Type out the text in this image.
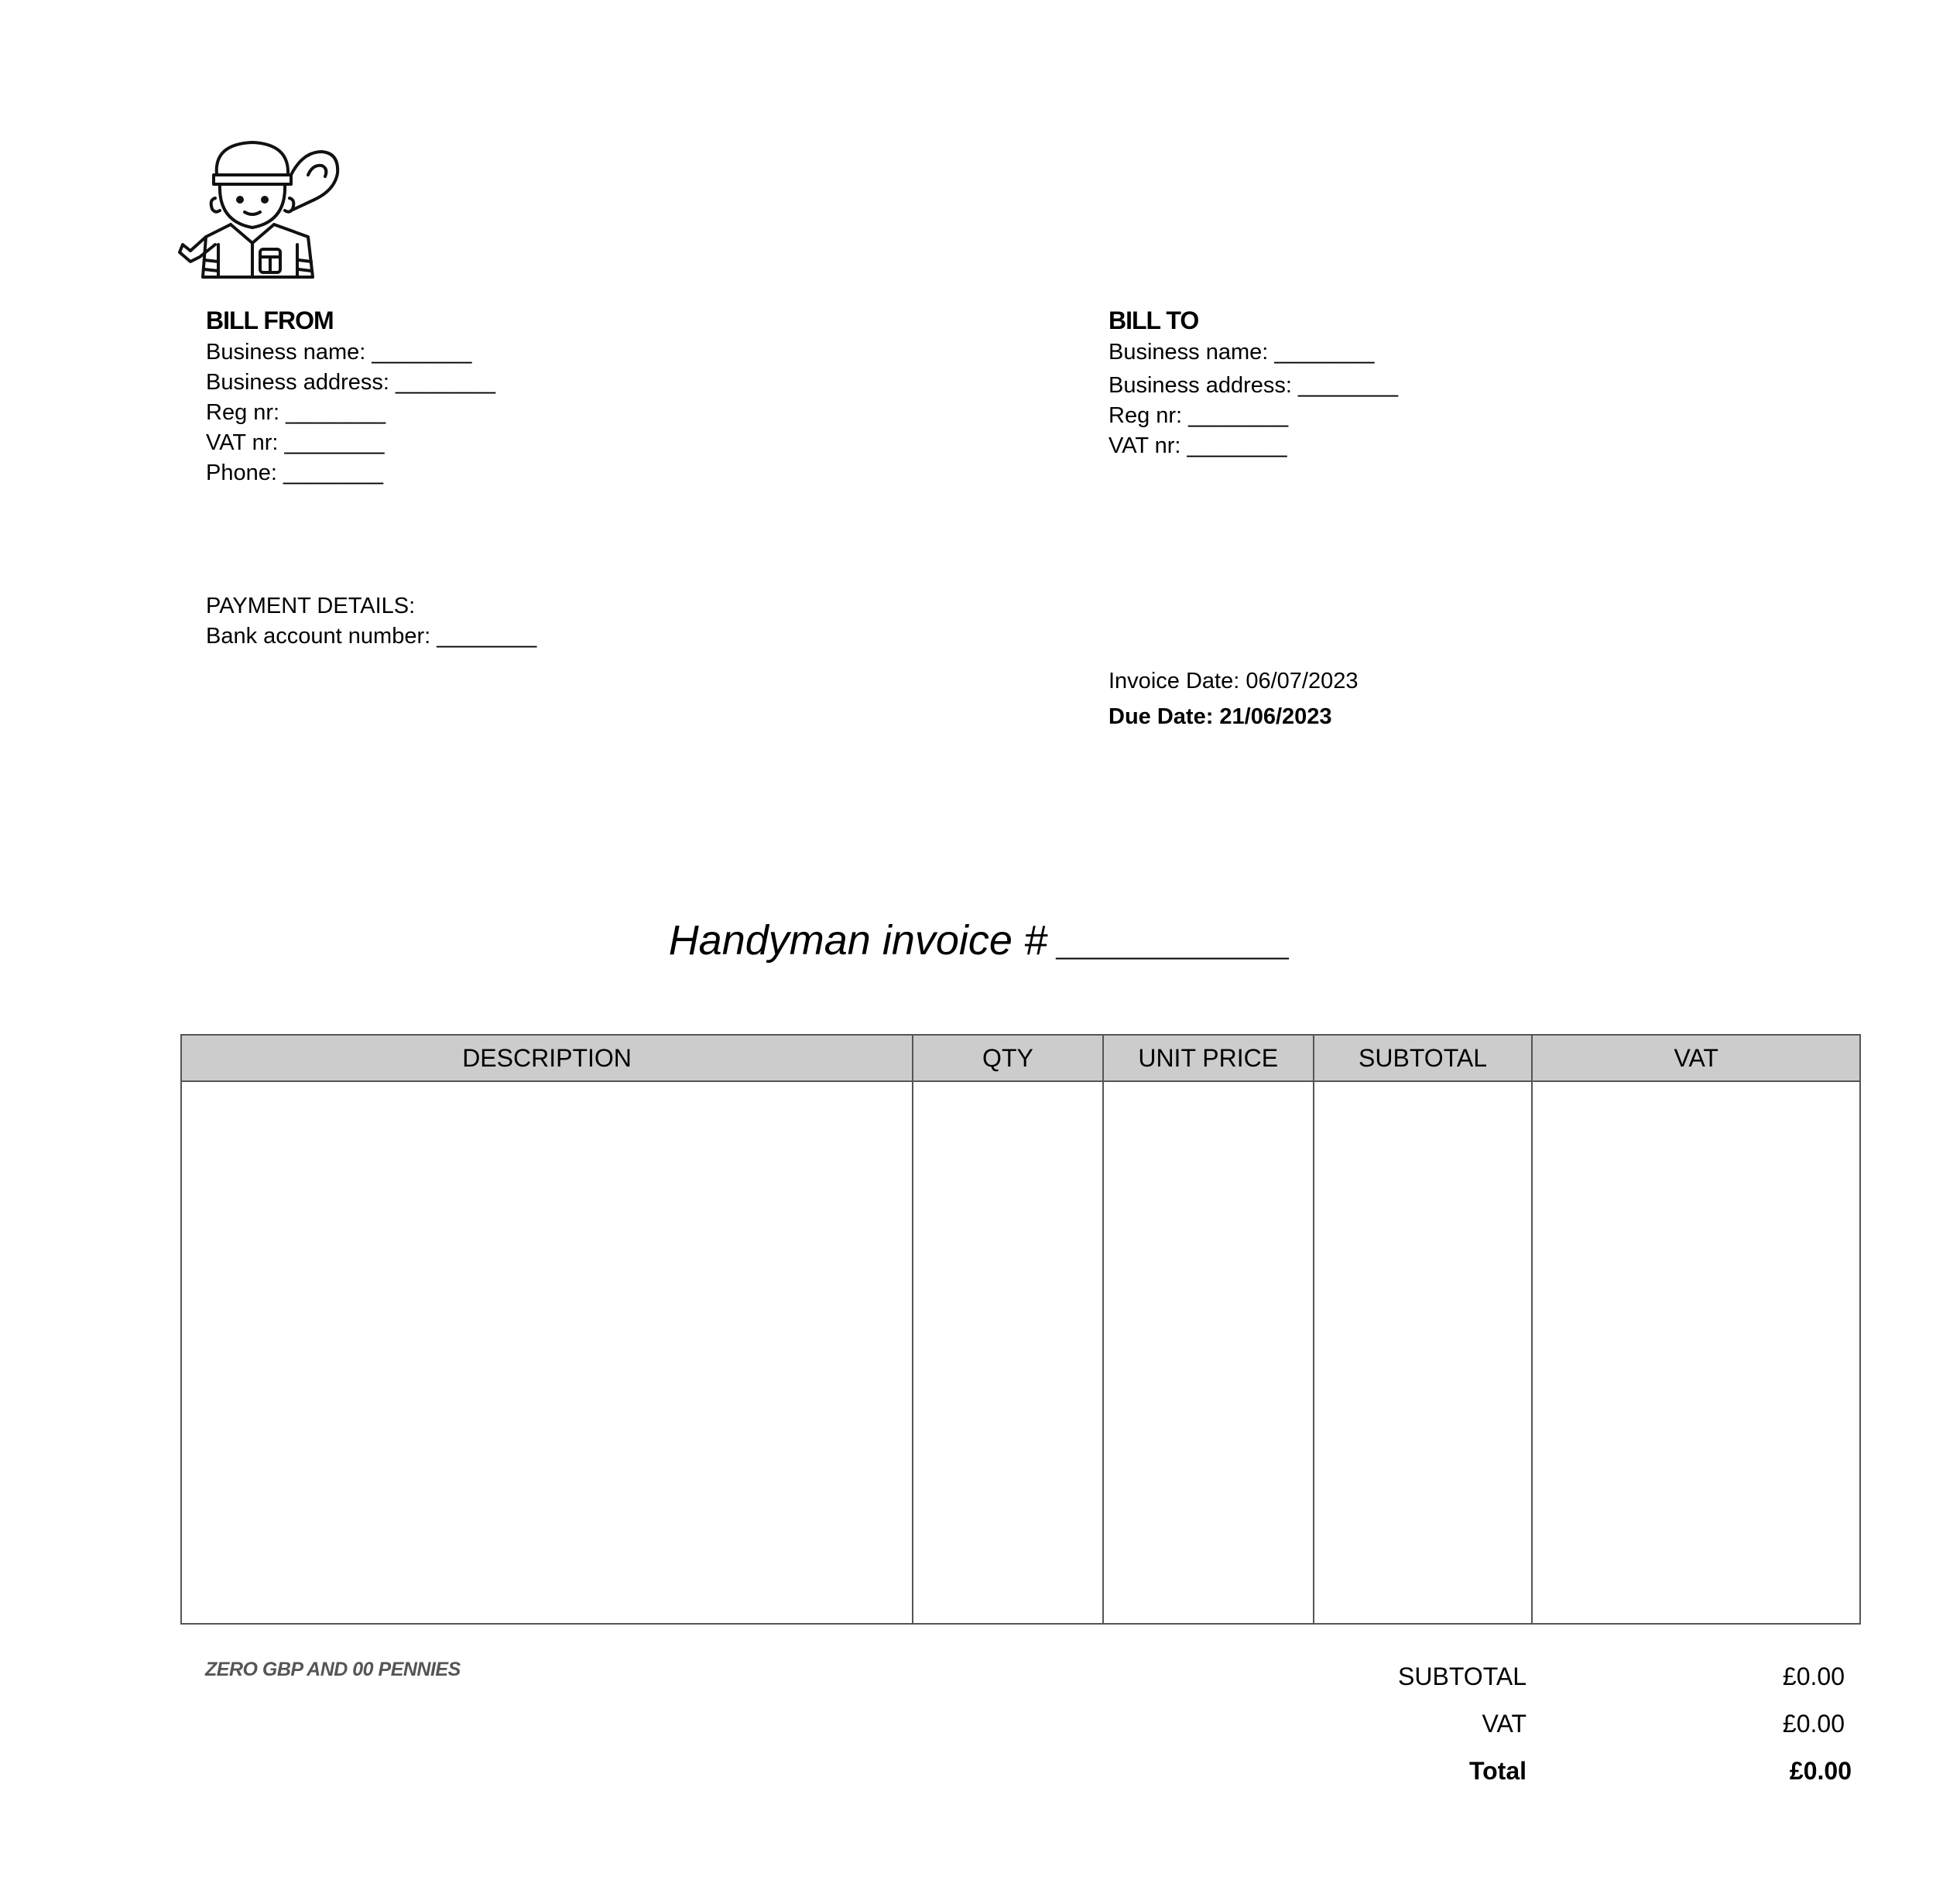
BILL FROM
Business name: ________
Business address: ________
Reg nr: ________
VAT nr: ________
Phone: ________
BILL TO
Business name: ________
Business address: ________
Reg nr: ________
VAT nr: ________
PAYMENT DETAILS:
Bank account number: ________
Invoice Date: 06/07/2023
Due Date: 21/06/2023
Handyman invoice # __________
DESCRIPTION	QTY	UNIT PRICE	SUBTOTAL	VAT

ZERO GBP AND 00 PENNIES	SUBTOTAL	£0.00
VAT	£0.00
Total	£0.00
